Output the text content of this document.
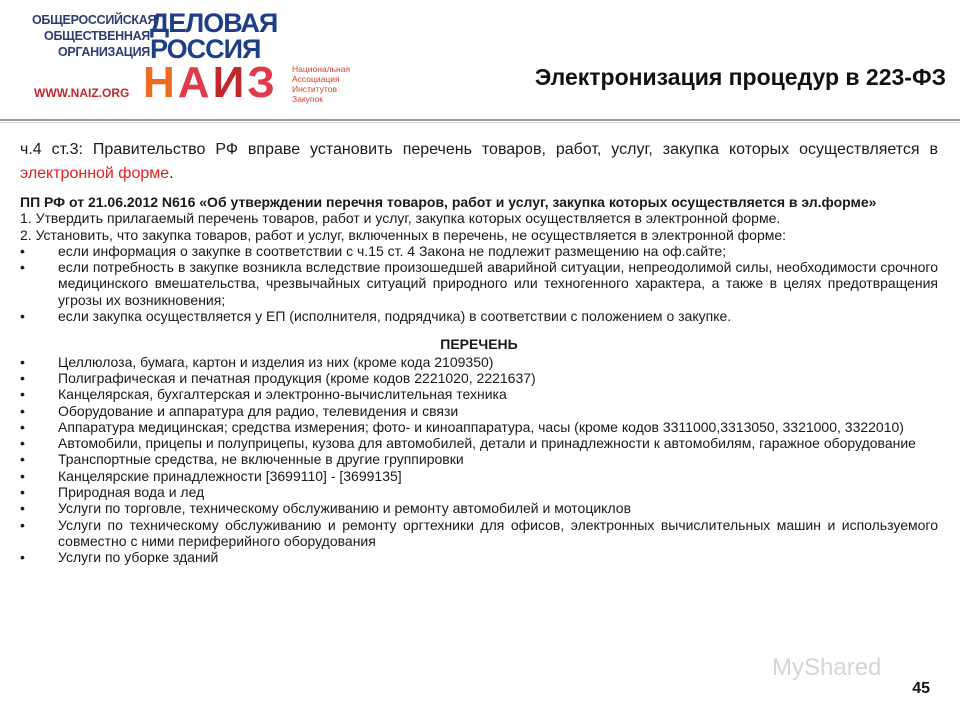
ОБЩЕРОССИЙСКАЯ
ОБЩЕСТВЕННАЯ
ОРГАНИЗАЦИЯ
ДЕЛОВАЯ
РОССИЯ
WWW.NAIZ.ORG НАИЗ Национальная
Ассоциация
Институтов
Закупок
Электронизация процедур в 223-ФЗ

ч.4 ст.3: Правительство РФ вправе установить перечень товаров, работ, услуг, закупка которых осуществляется в электронной форме.

ПП РФ от 21.06.2012 N616 «Об утверждении перечня товаров, работ и услуг, закупка которых осуществляется в эл.форме»

1. Утвердить прилагаемый перечень товаров, работ и услуг, закупка которых осуществляется в электронной форме.

2. Установить, что закупка товаров, работ и услуг, включенных в перечень, не осуществляется в электронной форме:

• если информация о закупке в соответствии с ч.15 ст. 4 Закона не подлежит размещению на оф.сайте;
• если потребность в закупке возникла вследствие произошедшей аварийной ситуации, непреодолимой силы, необходимости срочного медицинского вмешательства, чрезвычайных ситуаций природного или техногенного характера, а также в целях предотвращения угрозы их возникновения;
• если закупка осуществляется у ЕП (исполнителя, подрядчика) в соответствии с положением о закупке.

ПЕРЕЧЕНЬ

• Целлюлоза, бумага, картон и изделия из них (кроме кода 2109350)
• Полиграфическая и печатная продукция (кроме кодов 2221020, 2221637)
• Канцелярская, бухгалтерская и электронно-вычислительная техника
• Оборудование и аппаратура для радио, телевидения и связи
• Аппаратура медицинская; средства измерения; фото- и киноаппаратура, часы (кроме кодов 3311000,3313050, 3321000, 3322010)
• Автомобили, прицепы и полуприцепы, кузова для автомобилей, детали и принадлежности к автомобилям, гаражное оборудование
• Транспортные средства, не включенные в другие группировки
• Канцелярские принадлежности [3699110] - [3699135]
• Природная вода и лед
• Услуги по торговле, техническому обслуживанию и ремонту автомобилей и мотоциклов
• Услуги по техническому обслуживанию и ремонту оргтехники для офисов, электронных вычислительных машин и используемого совместно с ними периферийного оборудования
• Услуги по уборке зданий
MyShared
45
